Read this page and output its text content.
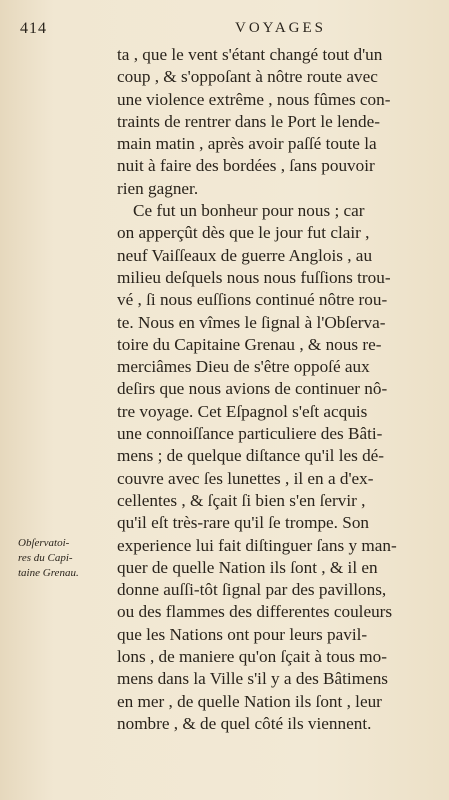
414	VOYAGES
ta , que le vent s'étant changé tout d'un
coup , & s'oppoſant à nôtre route avec
une violence extrême , nous fûmes con-
traints de rentrer dans le Port le lende-
main matin , après avoir paſſé toute la
nuit à faire des bordées , ſans pouvoir
rien gagner.
Ce fut un bonheur pour nous ; car
on apperçût dès que le jour fut clair ,
neuf Vaiſſeaux de guerre Anglois , au
milieu deſquels nous nous fuſſions trou-
vé , ſi nous euſſions continué nôtre rou-
te. Nous en vîmes le ſignal à l'Obſerva-
toire du Capitaine Grenau , & nous re-
merciâmes Dieu de s'être oppoſé aux
deſirs que nous avions de continuer nô-
tre voyage. Cet Eſpagnol s'eſt acquis
une connoiſſance particuliere des Bâti-
mens ; de quelque diſtance qu'il les dé-
couvre avec ſes lunettes , il en a d'ex-
cellentes , & ſçait ſi bien s'en ſervir ,
qu'il eſt très-rare qu'il ſe trompe. Son
experience lui fait diſtinguer ſans y man-
quer de quelle Nation ils ſont , & il en
donne auſſi-tôt ſignal par des pavillons,
ou des flammes des differentes couleurs
que les Nations ont pour leurs pavil-
lons , de maniere qu'on ſçait à tous mo-
mens dans la Ville s'il y a des Bâtimens
en mer , de quelle Nation ils ſont , leur
nombre , & de quel côté ils viennent.
Obſervatoi-
res du Capi-
taine Grenau.
